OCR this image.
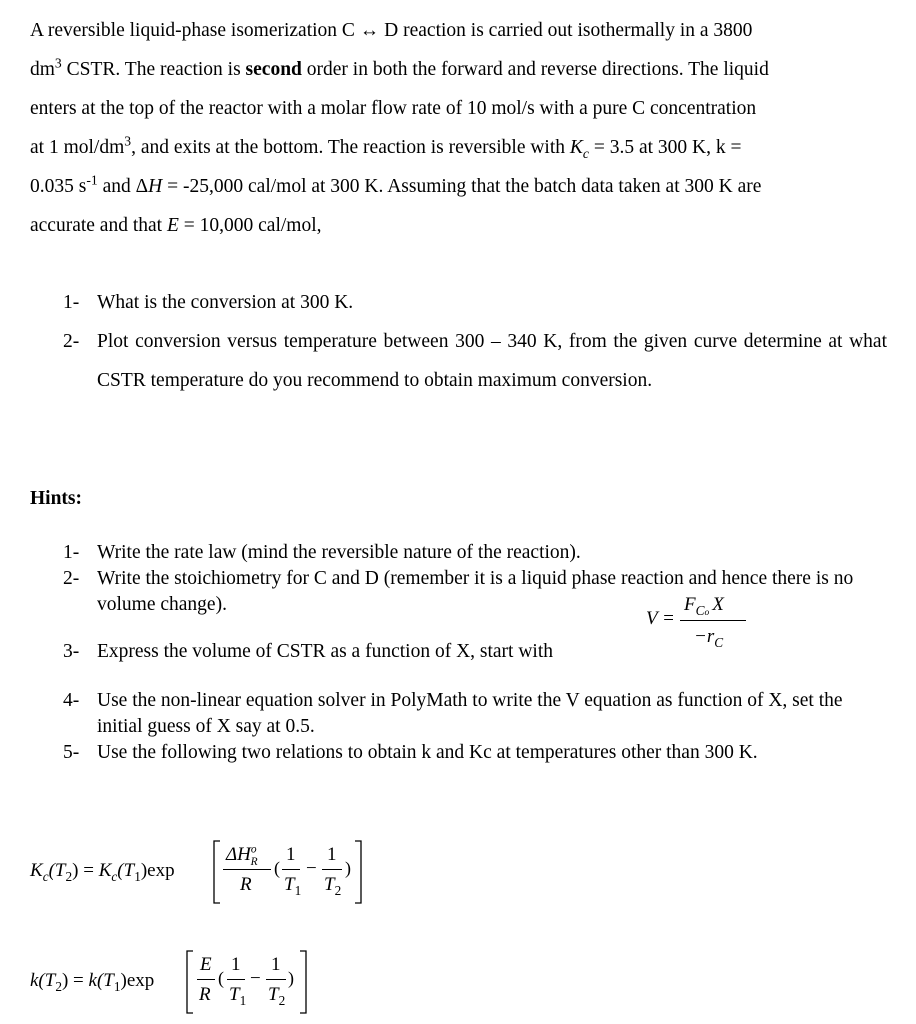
A reversible liquid-phase isomerization C ↔ D reaction is carried out isothermally in a 3800
$dm^3$ CSTR. The reaction is second order in both the forward and reverse directions. The liquid
enters at the top of the reactor with a molar flow rate of 10 mol/s with a pure C concentration
at 1 mol/$dm^3$, and exits at the bottom. The reaction is reversible with $K_c = 3.5$ at 300 K, k =
0.035 $s^{-1}$ and ΔH = -25,000 cal/mol at 300 K. Assuming that the batch data taken at 300 K are
accurate and that E = 10,000 cal/mol,
1- What is the conversion at 300 K.
2- Plot conversion versus temperature between 300 – 340 K, from the given curve determine at what CSTR temperature do you recommend to obtain maximum conversion.
Hints:
1- Write the rate law (mind the reversible nature of the reaction).
2- Write the stoichiometry for C and D (remember it is a liquid phase reaction and hence there is no volume change).
3- Express the volume of CSTR as a function of X, start with
V =
$F_{Co}$ X
$-r_C$
4- Use the non-linear equation solver in PolyMath to write the V equation as function of X, set the initial guess of X say at 0.5.
5- Use the following two relations to obtain k and Kc at temperatures other than 300 K.
$K_c(T_2) = K_c(T_1)\exp$
$\Delta H^o_R$
R
(
1
$T_1$
−
1
$T_2$
)
$k(T_2) = k(T_1)\exp$
E
R
(
1
$T_1$
−
1
$T_2$
)
